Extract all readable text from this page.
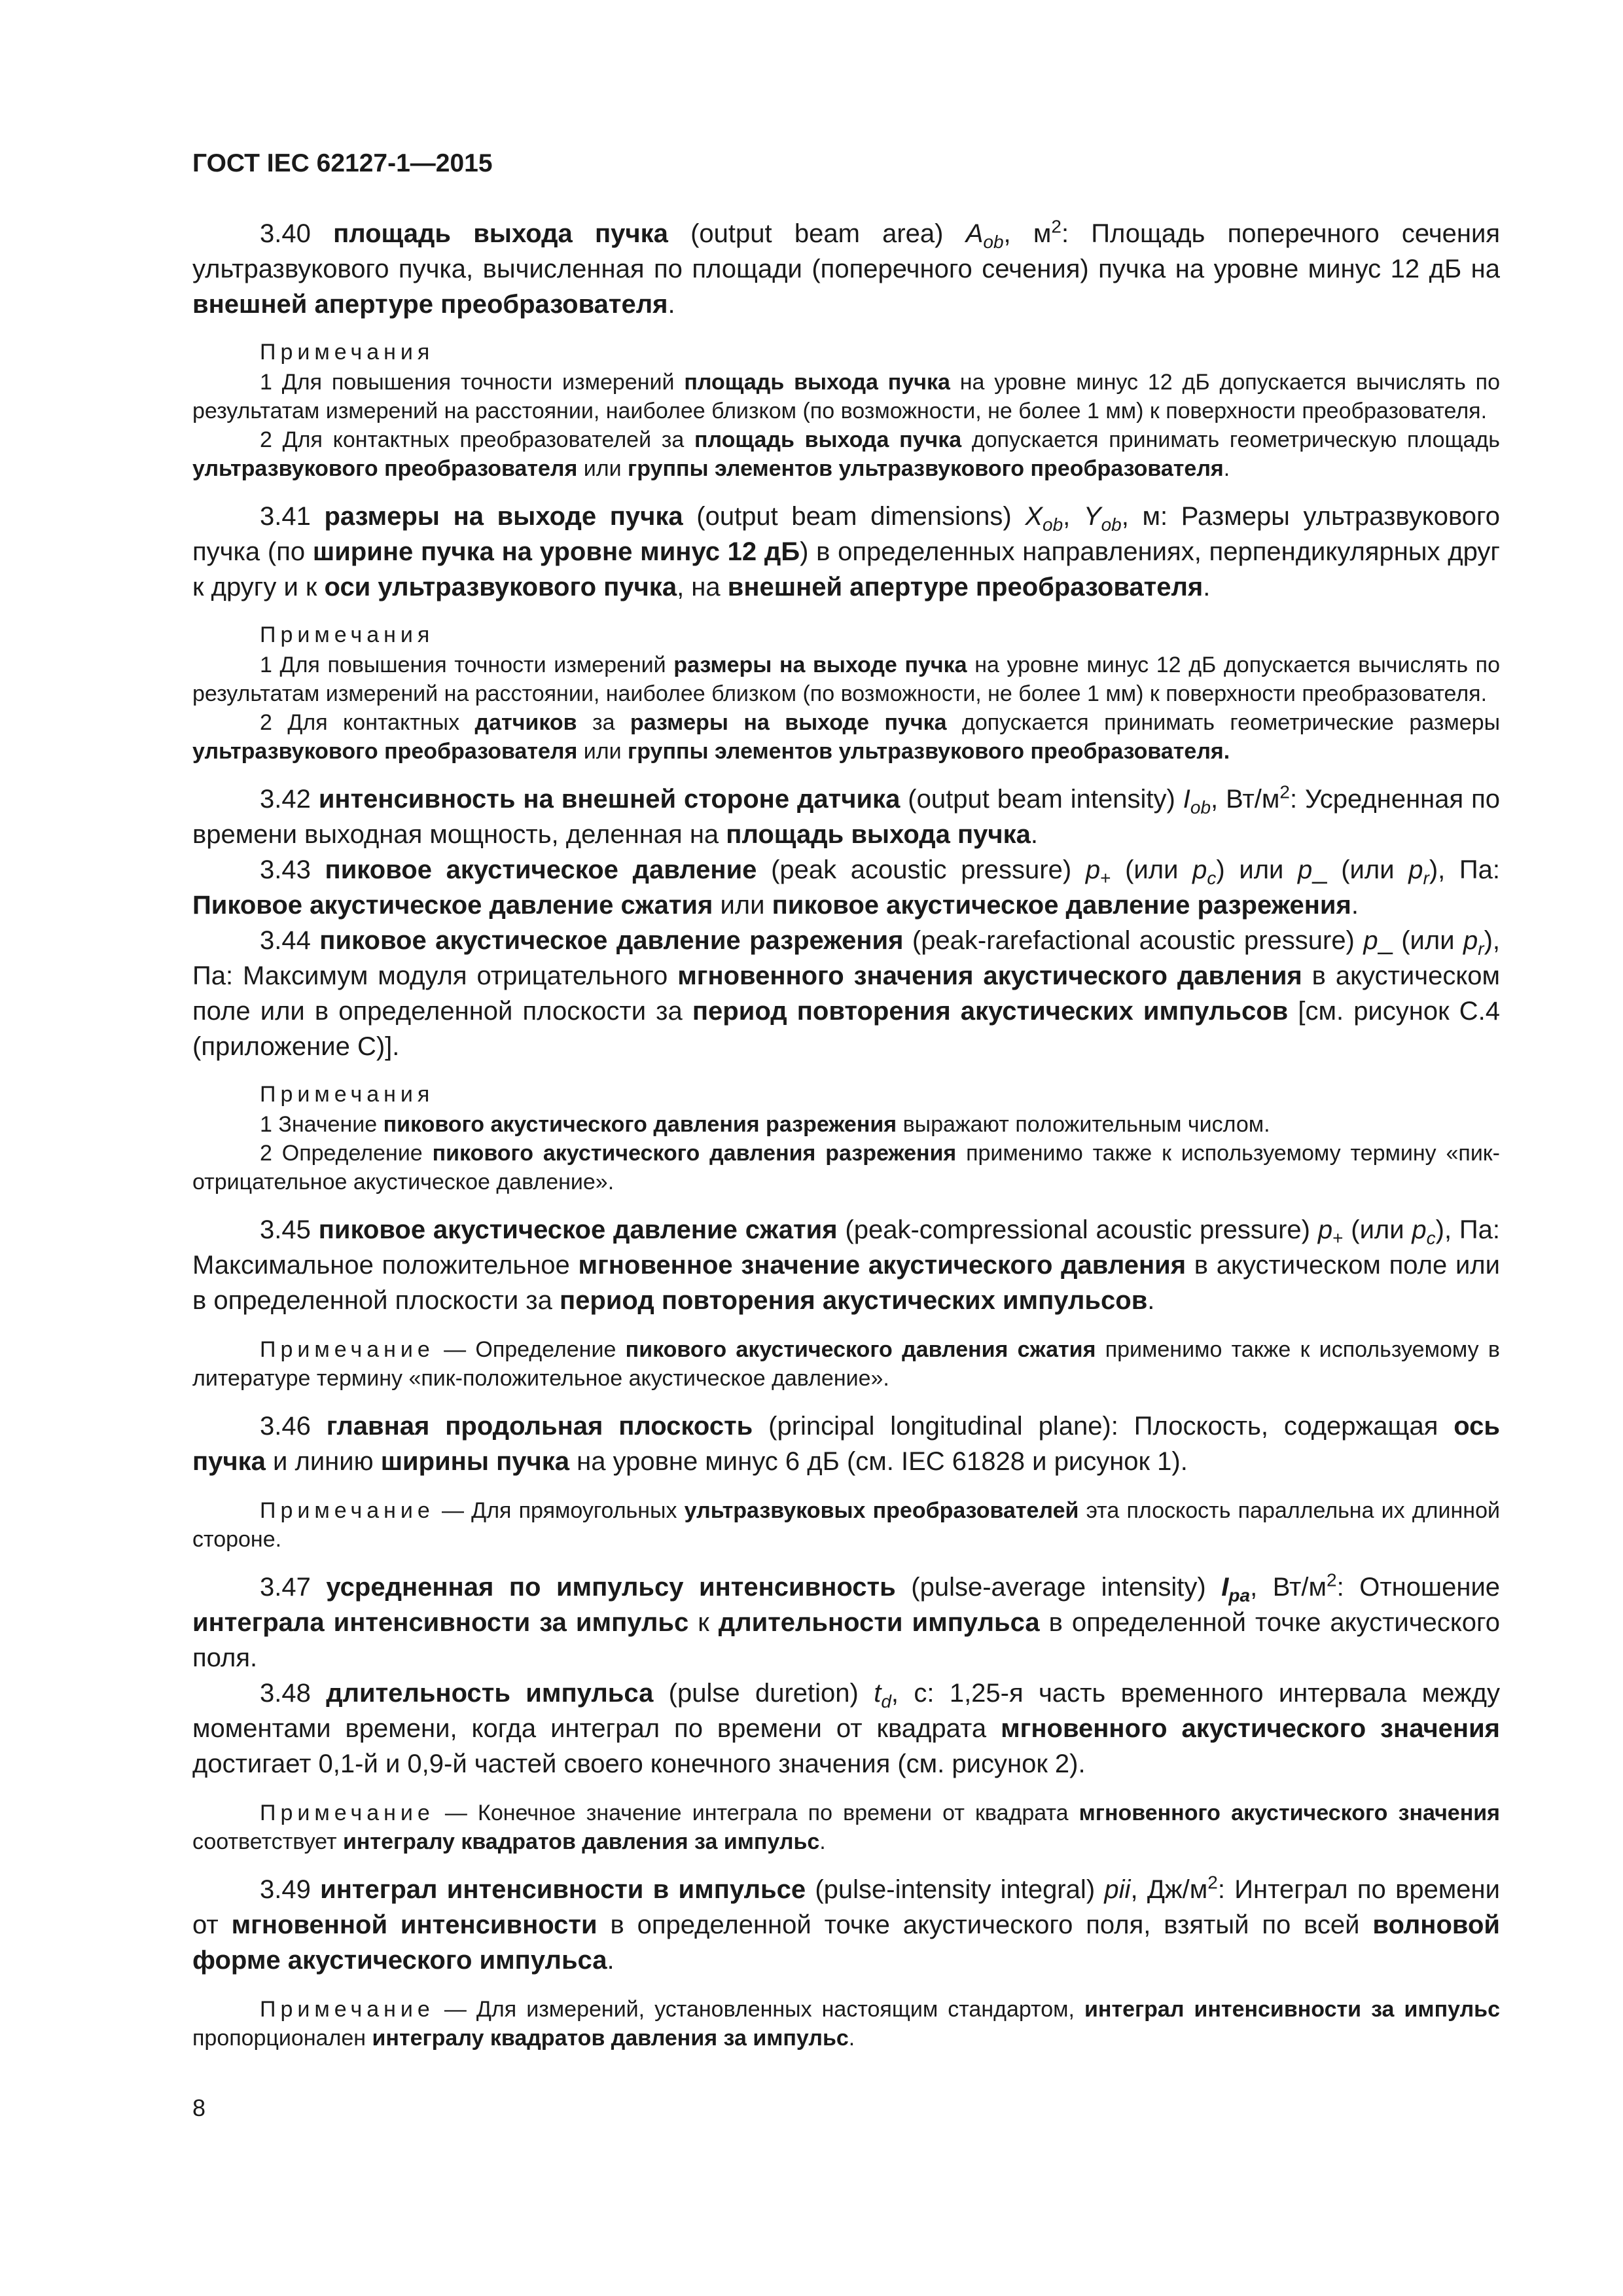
ГОСТ IEC 62127-1—2015

3.40 площадь выхода пучка (output beam area) $A_{ob}$, $м^2$: Площадь поперечного сечения ультразвукового пучка, вычисленная по площади (поперечного сечения) пучка на уровне минус 12 дБ на внешней апертуре преобразователя.

Примечания

1 Для повышения точности измерений площадь выхода пучка на уровне минус 12 дБ допускается вычислять по результатам измерений на расстоянии, наиболее близком (по возможности, не более 1 мм) к поверхности преобразователя.

2 Для контактных преобразователей за площадь выхода пучка допускается принимать геометрическую площадь ультразвукового преобразователя или группы элементов ультразвукового преобразователя.

3.41 размеры на выходе пучка (output beam dimensions) $X_{ob}$, $Y_{ob}$, м: Размеры ультразвукового пучка (по ширине пучка на уровне минус 12 дБ) в определенных направлениях, перпендикулярных друг к другу и к оси ультразвукового пучка, на внешней апертуре преобразователя.

Примечания

1 Для повышения точности измерений размеры на выходе пучка на уровне минус 12 дБ допускается вычислять по результатам измерений на расстоянии, наиболее близком (по возможности, не более 1 мм) к поверхности преобразователя.

2 Для контактных датчиков за размеры на выходе пучка допускается принимать геометрические размеры ультразвукового преобразователя или группы элементов ультразвукового преобразователя.

3.42 интенсивность на внешней стороне датчика (output beam intensity) $I_{ob}$, $Вт/м^2$: Усредненная по времени выходная мощность, деленная на площадь выхода пучка.

3.43 пиковое акустическое давление (peak acoustic pressure) $p_+$ (или $p_c$) или p_ (или $p_r$), Па: Пиковое акустическое давление сжатия или пиковое акустическое давление разрежения.

3.44 пиковое акустическое давление разрежения (peak-rarefactional acoustic pressure) p_ (или $p_r$), Па: Максимум модуля отрицательного мгновенного значения акустического давления в акустическом поле или в определенной плоскости за период повторения акустических импульсов [см. рисунок С.4 (приложение С)].

Примечания

1 Значение пикового акустического давления разрежения выражают положительным числом.

2 Определение пикового акустического давления разрежения применимо также к используемому термину «пик-отрицательное акустическое давление».

3.45 пиковое акустическое давление сжатия (peak-compressional acoustic pressure) $p_+$ (или $p_c$), Па: Максимальное положительное мгновенное значение акустического давления в акустическом поле или в определенной плоскости за период повторения акустических импульсов.

Примечание — Определение пикового акустического давления сжатия применимо также к используемому в литературе термину «пик-положительное акустическое давление».

3.46 главная продольная плоскость (principal longitudinal plane): Плоскость, содержащая ось пучка и линию ширины пучка на уровне минус 6 дБ (см. IEC 61828 и рисунок 1).

Примечание — Для прямоугольных ультразвуковых преобразователей эта плоскость параллельна их длинной стороне.

3.47 усредненная по импульсу интенсивность (pulse-average intensity) $I_{pa}$, $Вт/м^2$: Отношение интеграла интенсивности за импульс к длительности импульса в определенной точке акустического поля.

3.48 длительность импульса (pulse duretion) $t_d$, с: 1,25-я часть временного интервала между моментами времени, когда интеграл по времени от квадрата мгновенного акустического значения достигает 0,1-й и 0,9-й частей своего конечного значения (см. рисунок 2).

Примечание — Конечное значение интеграла по времени от квадрата мгновенного акустического значения соответствует интегралу квадратов давления за импульс.

3.49 интеграл интенсивности в импульсе (pulse-intensity integral) pii, $Дж/м^2$: Интеграл по времени от мгновенной интенсивности в определенной точке акустического поля, взятый по всей волновой форме акустического импульса.

Примечание — Для измерений, установленных настоящим стандартом, интеграл интенсивности за импульс пропорционален интегралу квадратов давления за импульс.

8
